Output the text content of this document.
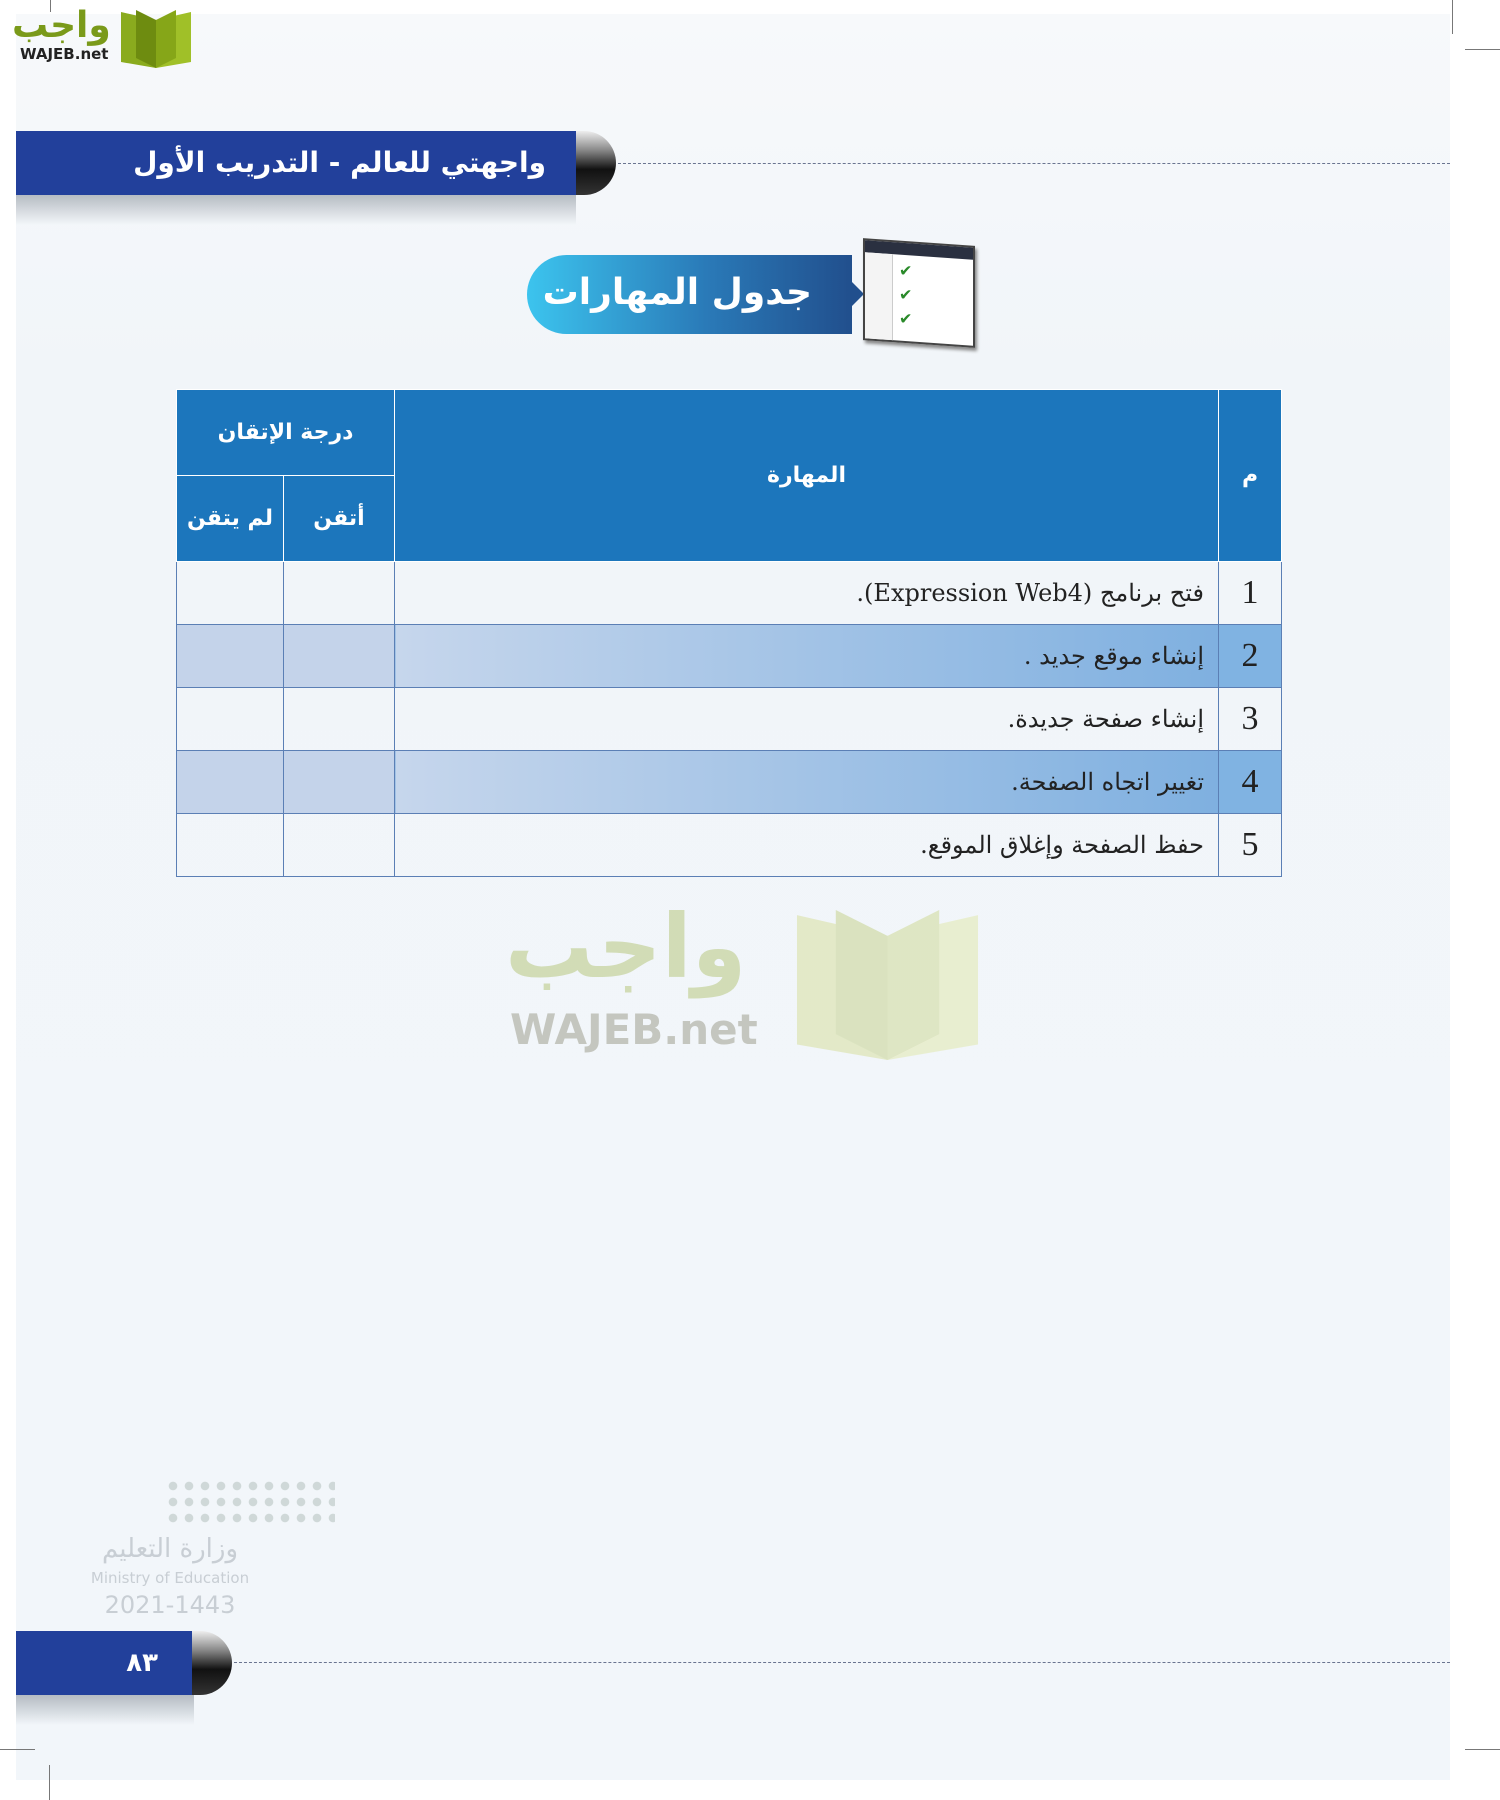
واجب
WAJEB.net
واجهتي للعالم - التدريب الأول
جدول المهارات
✔
✔
✔
واجب
WAJEB.net
م	المهارة	درجة الإتقان	
		أتقن	لم يتقن
1	فتح برنامج (Expression Web4).		
2	إنشاء موقع جديد .		
3	إنشاء صفحة جديدة.		
4	تغيير اتجاه الصفحة.		
5	حفظ الصفحة وإغلاق الموقع.		
وزارة التعليم
Ministry of Education
2021-1443
٨٣
